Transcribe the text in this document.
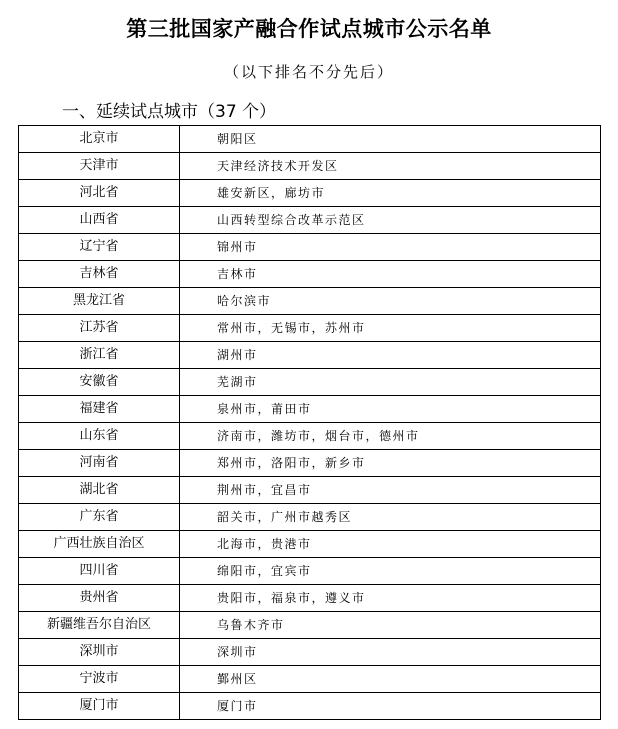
第三批国家产融合作试点城市公示名单
（以下排名不分先后）
一、延续试点城市（37 个）
北京市	朝阳区
天津市	天津经济技术开发区
河北省	雄安新区，廊坊市
山西省	山西转型综合改革示范区
辽宁省	锦州市
吉林省	吉林市
黑龙江省	哈尔滨市
江苏省	常州市，无锡市，苏州市
浙江省	湖州市
安徽省	芜湖市
福建省	泉州市，莆田市
山东省	济南市，潍坊市，烟台市，德州市
河南省	郑州市，洛阳市，新乡市
湖北省	荆州市，宜昌市
广东省	韶关市，广州市越秀区
广西壮族自治区	北海市，贵港市
四川省	绵阳市，宜宾市
贵州省	贵阳市，福泉市，遵义市
新疆维吾尔自治区	乌鲁木齐市
深圳市	深圳市
宁波市	鄞州区
厦门市	厦门市
